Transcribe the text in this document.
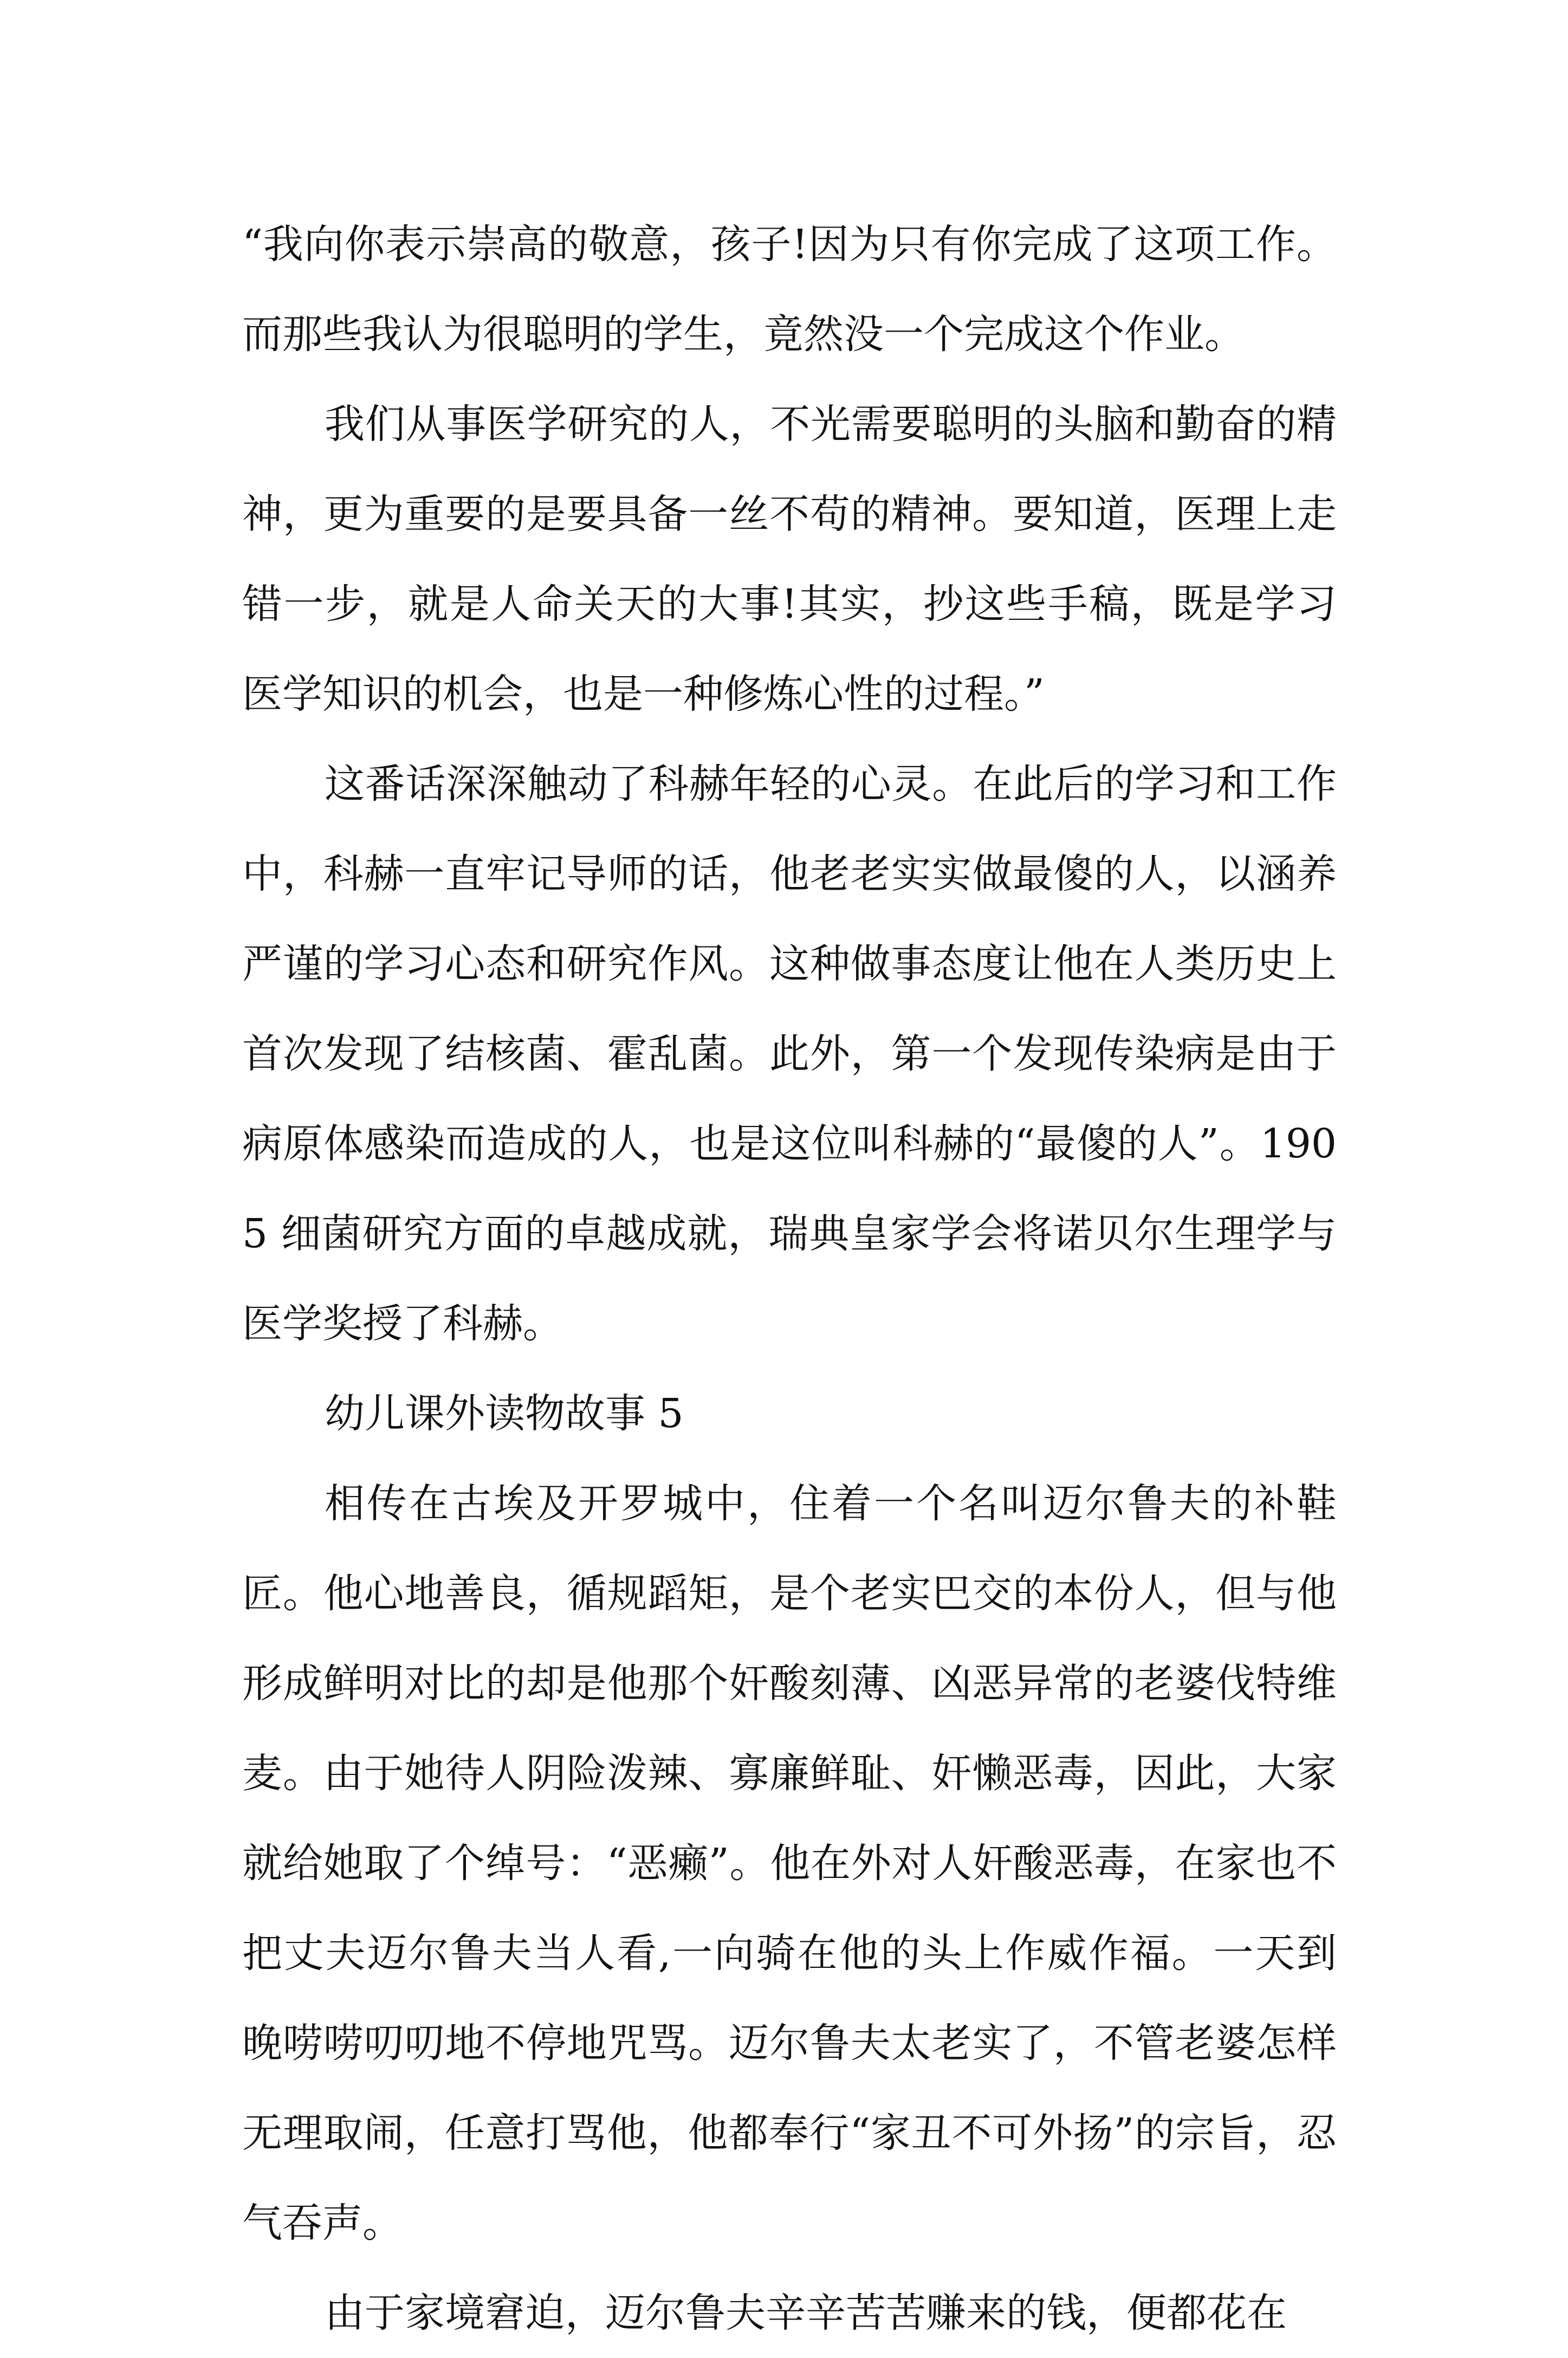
“我向你表示崇高的敬意，孩子!因为只有你完成了这项工作。而那些我认为很聪明的学生，竟然没一个完成这个作业。

我们从事医学研究的人，不光需要聪明的头脑和勤奋的精神，更为重要的是要具备一丝不苟的精神。要知道，医理上走错一步，就是人命关天的大事!其实，抄这些手稿，既是学习医学知识的机会，也是一种修炼心性的过程。”

这番话深深触动了科赫年轻的心灵。在此后的学习和工作中，科赫一直牢记导师的话，他老老实实做最傻的人，以涵养严谨的学习心态和研究作风。这种做事态度让他在人类历史上首次发现了结核菌、霍乱菌。此外，第一个发现传染病是由于病原体感染而造成的人，也是这位叫科赫的“最傻的人”。1905 细菌研究方面的卓越成就，瑞典皇家学会将诺贝尔生理学与医学奖授了科赫。

幼儿课外读物故事 5

相传在古埃及开罗城中，住着一个名叫迈尔鲁夫的补鞋匠。他心地善良，循规蹈矩，是个老实巴交的本份人，但与他形成鲜明对比的却是他那个奸酸刻薄、凶恶异常的老婆伐特维麦。由于她待人阴险泼辣、寡廉鲜耻、奸懒恶毒，因此，大家就给她取了个绰号：“恶癞”。他在外对人奸酸恶毒，在家也不把丈夫迈尔鲁夫当人看,一向骑在他的头上作威作福。一天到晚唠唠叨叨地不停地咒骂。迈尔鲁夫太老实了，不管老婆怎样无理取闹，任意打骂他，他都奉行“家丑不可外扬”的宗旨，忍气吞声。

由于家境窘迫，迈尔鲁夫辛辛苦苦赚来的钱，便都花在
